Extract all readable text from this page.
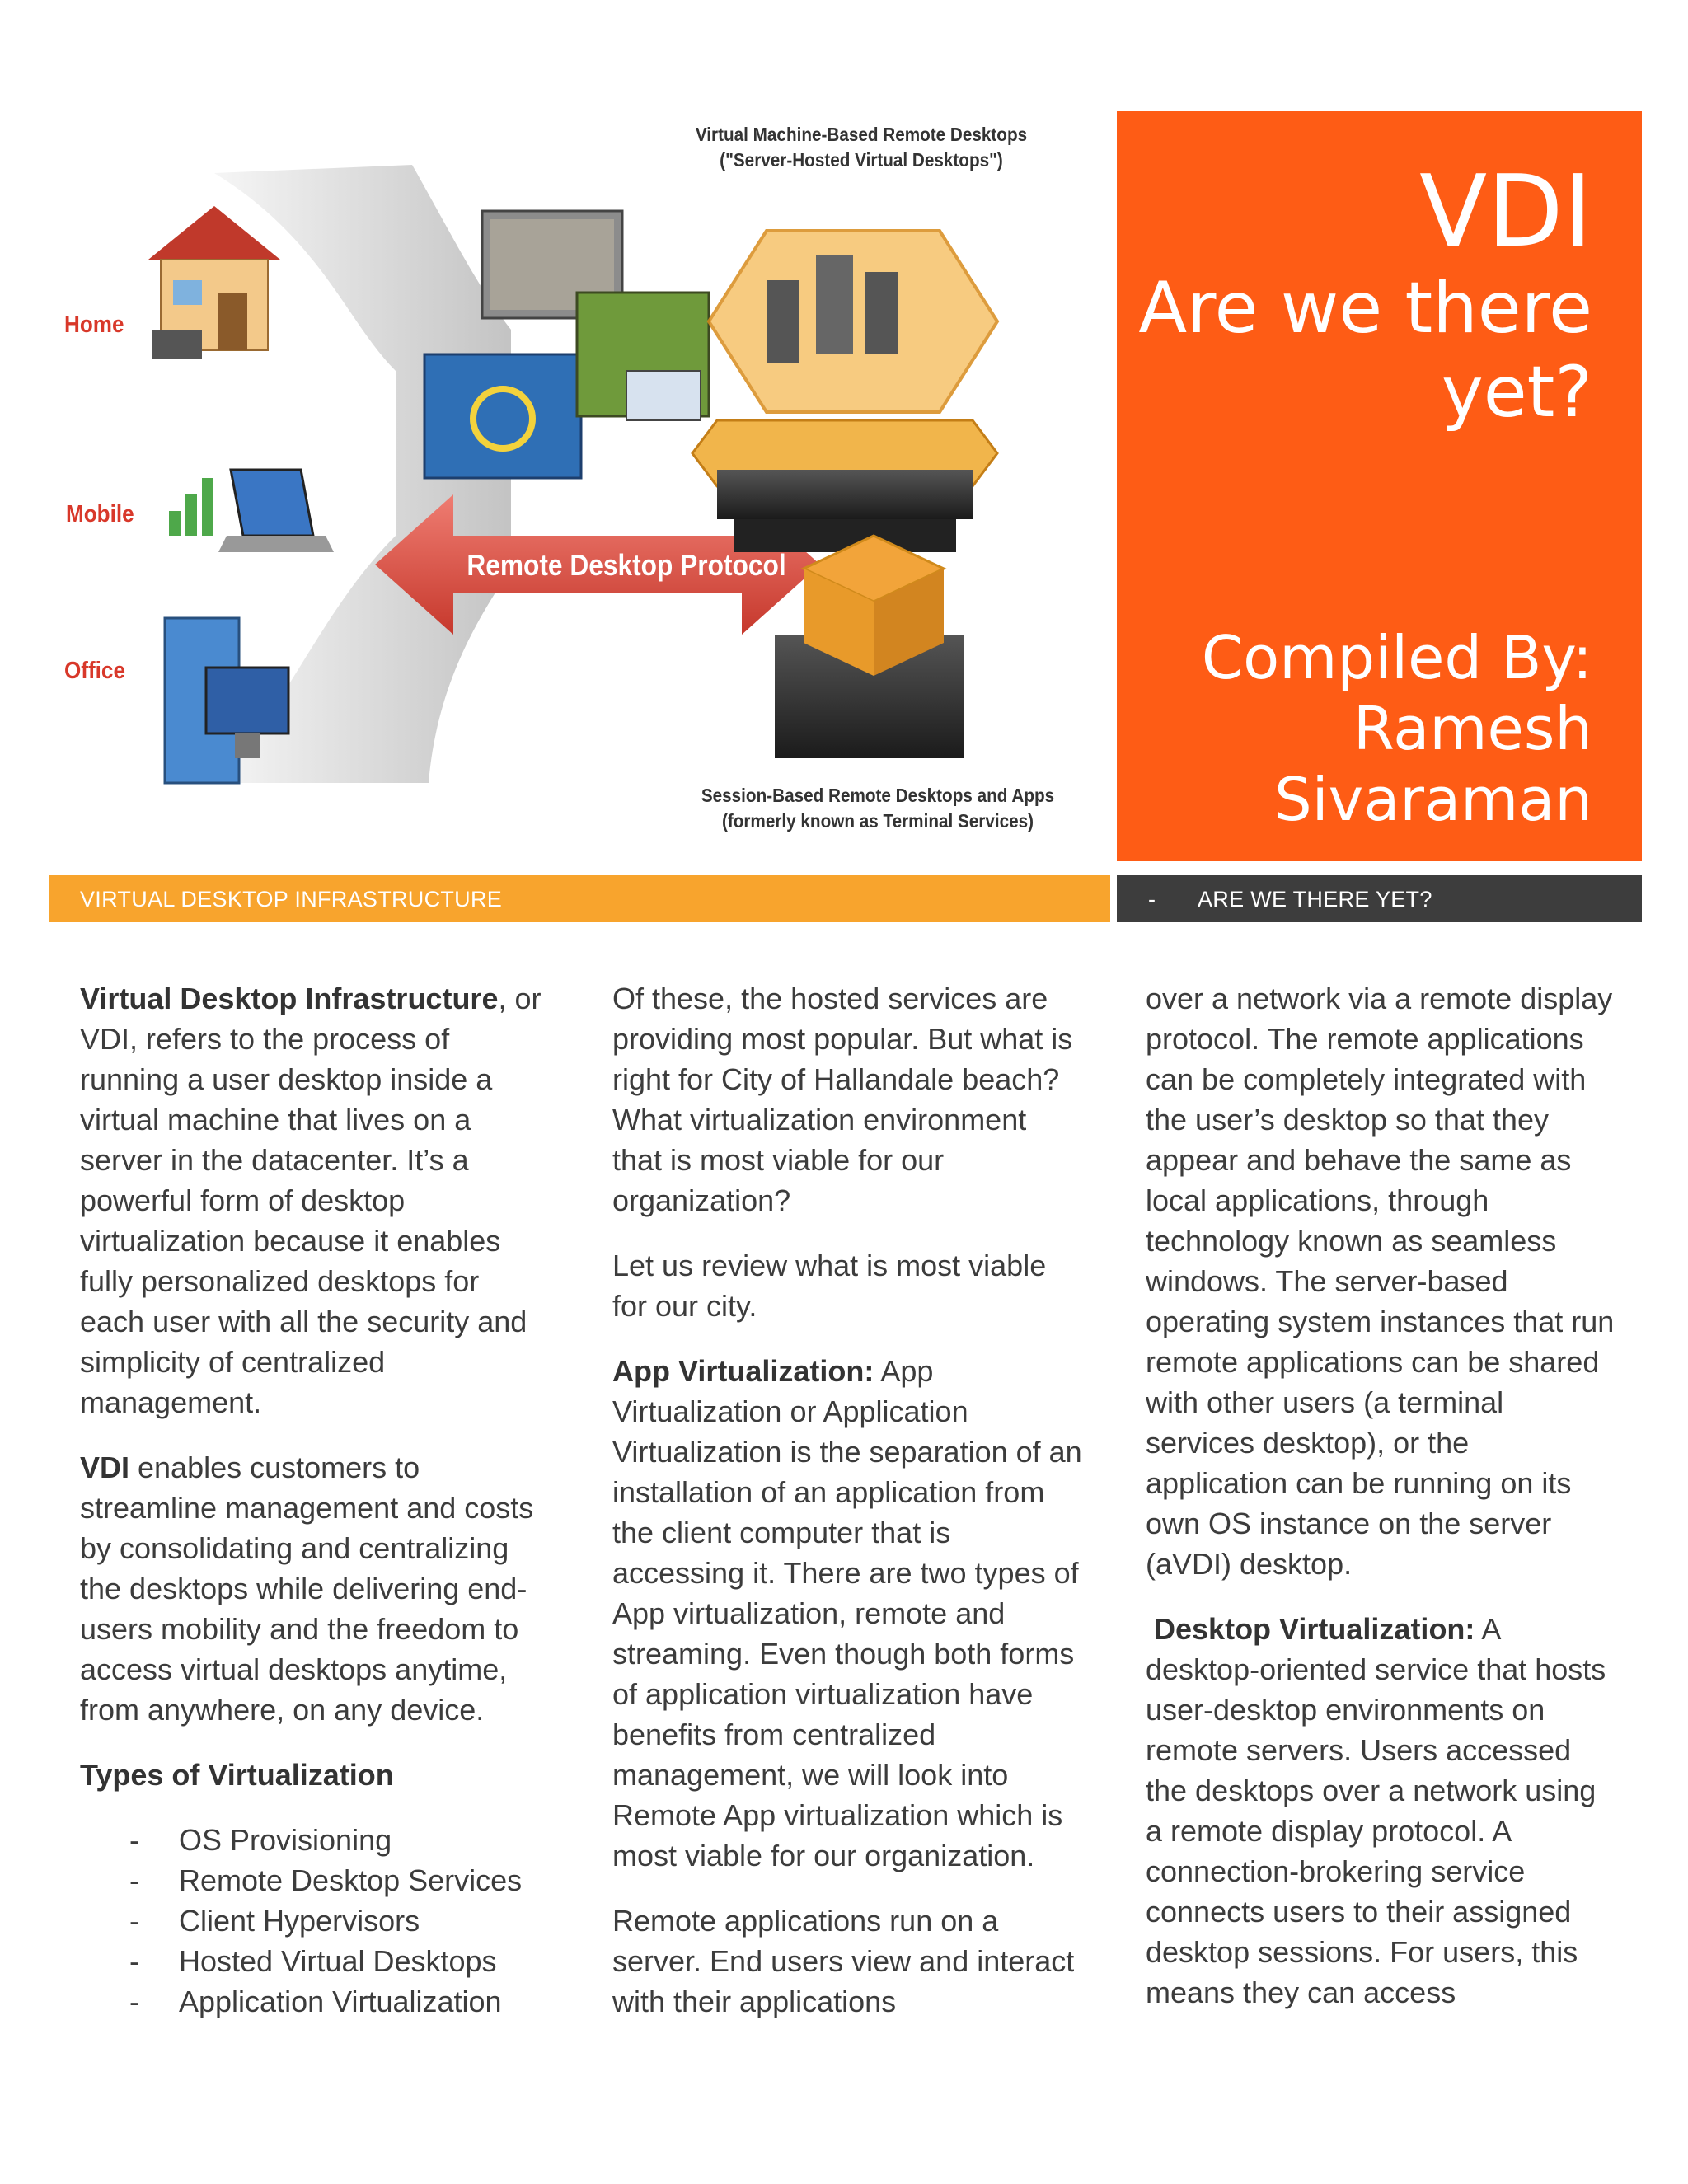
Home
Mobile
Office
Remote Desktop Protocol
Virtual Machine-Based Remote Desktops
("Server-Hosted Virtual Desktops")
Session-Based Remote Desktops and Apps
(formerly known as Terminal Services)
VDI
Are we there
yet?
Compiled By:
Ramesh
Sivaraman
VIRTUAL DESKTOP INFRASTRUCTURE	- ARE WE THERE YET?

Virtual Desktop Infrastructure, or VDI, refers to the process of running a user desktop inside a virtual machine that lives on a server in the datacenter. It’s a powerful form of desktop virtualization because it enables fully personalized desktops for each user with all the security and simplicity of centralized management.

VDI enables customers to streamline management and costs by consolidating and centralizing the desktops while delivering end-users mobility and the freedom to access virtual desktops anytime, from anywhere, on any device.

Types of Virtualization

- OS Provisioning
- Remote Desktop Services
- Client Hypervisors
- Hosted Virtual Desktops
- Application Virtualization

Of these, the hosted services are providing most popular. But what is right for City of Hallandale beach? What virtualization environment that is most viable for our organization?

Let us review what is most viable for our city.

App Virtualization: App Virtualization or Application Virtualization is the separation of an installation of an application from the client computer that is accessing it. There are two types of App virtualization, remote and streaming. Even though both forms of application virtualization have benefits from centralized management, we will look into Remote App virtualization which is most viable for our organization.

Remote applications run on a server. End users view and interact with their applications

over a network via a remote display protocol. The remote applications can be completely integrated with the user’s desktop so that they appear and behave the same as local applications, through technology known as seamless windows. The server-based operating system instances that run remote applications can be shared with other users (a terminal services desktop), or the application can be running on its own OS instance on the server (aVDI) desktop.

Desktop Virtualization: A desktop-oriented service that hosts user-desktop environments on remote servers. Users accessed the desktops over a network using a remote display protocol. A connection-brokering service connects users to their assigned desktop sessions. For users, this means they can access
